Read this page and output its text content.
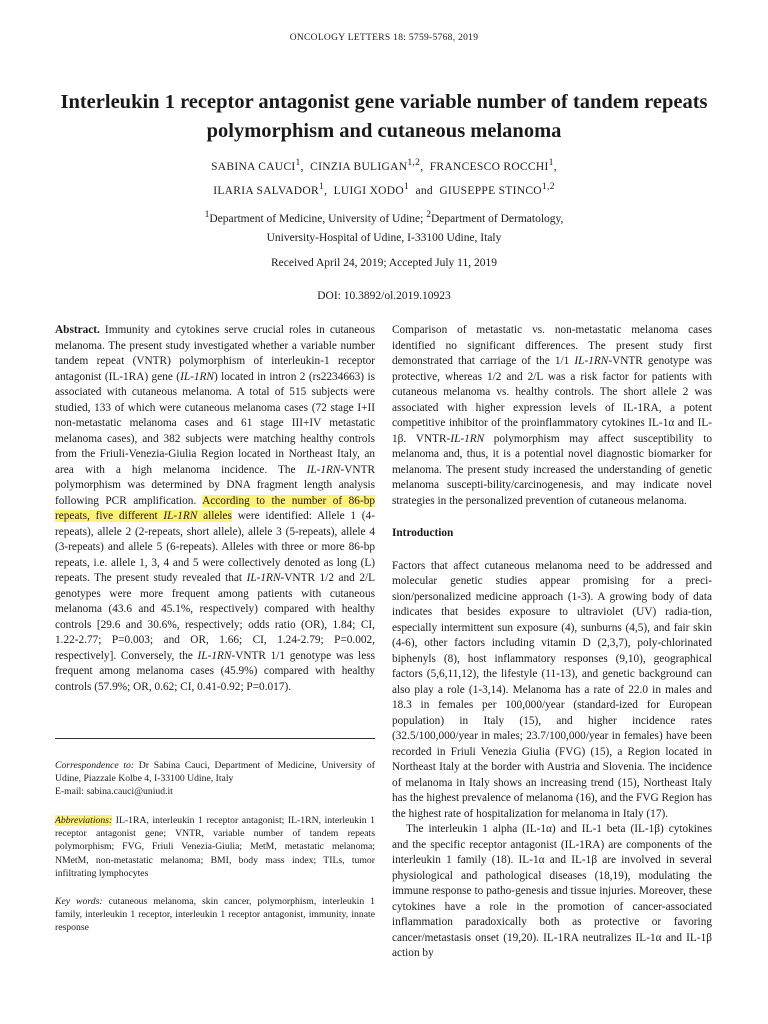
ONCOLOGY LETTERS 18: 5759-5768, 2019
Interleukin 1 receptor antagonist gene variable number of tandem repeats polymorphism and cutaneous melanoma
SABINA CAUCI$^1$,  CINZIA BULIGAN$^{1,2}$,  FRANCESCO ROCCHI$^1$,
ILARIA SALVADOR$^1$,  LUIGI XODO$^1$ and GIUSEPPE STINCO$^{1,2}$
$^1$Department of Medicine, University of Udine; $^2$Department of Dermatology,
University-Hospital of Udine, I-33100 Udine, Italy
Received April 24, 2019; Accepted July 11, 2019
DOI: 10.3892/ol.2019.10923

Abstract. Immunity and cytokines serve crucial roles in cutaneous melanoma. The present study investigated whether a variable number tandem repeat (VNTR) polymorphism of interleukin-1 receptor antagonist (IL-1RA) gene (IL-1RN) located in intron 2 (rs2234663) is associated with cutaneous melanoma. A total of 515 subjects were studied, 133 of which were cutaneous melanoma cases (72 stage I+II non-metastatic melanoma cases and 61 stage III+IV metastatic melanoma cases), and 382 subjects were matching healthy controls from the Friuli-Venezia-Giulia Region located in Northeast Italy, an area with a high melanoma incidence. The IL-1RN-VNTR polymorphism was determined by DNA fragment length analysis following PCR amplification. According to the number of 86-bp repeats, five different IL-1RN alleles were identified: Allele 1 (4-repeats), allele 2 (2-repeats, short allele), allele 3 (5-repeats), allele 4 (3-repeats) and allele 5 (6-repeats). Alleles with three or more 86-bp repeats, i.e. allele 1, 3, 4 and 5 were collectively denoted as long (L) repeats. The present study revealed that IL-1RN-VNTR 1/2 and 2/L genotypes were more frequent among patients with cutaneous melanoma (43.6 and 45.1%, respectively) compared with healthy controls [29.6 and 30.6%, respectively; odds ratio (OR), 1.84; CI, 1.22-2.77; P=0.003; and OR, 1.66; CI, 1.24-2.79; P=0.002, respectively]. Conversely, the IL-1RN-VNTR 1/1 genotype was less frequent among melanoma cases (45.9%) compared with healthy controls (57.9%; OR, 0.62; CI, 0.41-0.92; P=0.017).

Correspondence to: Dr Sabina Cauci, Department of Medicine, University of Udine, Piazzale Kolbe 4, I-33100 Udine, Italy

E-mail: sabina.cauci@uniud.it

Abbreviations: IL-1RA, interleukin 1 receptor antagonist; IL-1RN, interleukin 1 receptor antagonist gene; VNTR, variable number of tandem repeats polymorphism; FVG, Friuli Venezia-Giulia; MetM, metastatic melanoma; NMetM, non-metastatic melanoma; BMI, body mass index; TILs, tumor infiltrating lymphocytes

Key words: cutaneous melanoma, skin cancer, polymorphism, interleukin 1 family, interleukin 1 receptor, interleukin 1 receptor antagonist, immunity, innate response

Comparison of metastatic vs. non-metastatic melanoma cases identified no significant differences. The present study first demonstrated that carriage of the 1/1 IL-1RN-VNTR genotype was protective, whereas 1/2 and 2/L was a risk factor for patients with cutaneous melanoma vs. healthy controls. The short allele 2 was associated with higher expression levels of IL-1RA, a potent competitive inhibitor of the proinflammatory cytokines IL-1α and IL-1β. VNTR-IL-1RN polymorphism may affect susceptibility to melanoma and, thus, it is a potential novel diagnostic biomarker for melanoma. The present study increased the understanding of genetic melanoma suscepti-bility/carcinogenesis, and may indicate novel strategies in the personalized prevention of cutaneous melanoma.

Introduction

Factors that affect cutaneous melanoma need to be addressed and molecular genetic studies appear promising for a preci-sion/personalized medicine approach (1-3). A growing body of data indicates that besides exposure to ultraviolet (UV) radia-tion, especially intermittent sun exposure (4), sunburns (4,5), and fair skin (4-6), other factors including vitamin D (2,3,7), poly-chlorinated biphenyls (8), host inflammatory responses (9,10), geographical factors (5,6,11,12), the lifestyle (11-13), and genetic background can also play a role (1-3,14). Melanoma has a rate of 22.0 in males and 18.3 in females per 100,000/year (standard-ized for European population) in Italy (15), and higher incidence rates (32.5/100,000/year in males; 23.7/100,000/year in females) have been recorded in Friuli Venezia Giulia (FVG) (15), a Region located in Northeast Italy at the border with Austria and Slovenia. The incidence of melanoma in Italy shows an increasing trend (15), Northeast Italy has the highest prevalence of melanoma (16), and the FVG Region has the highest rate of hospitalization for melanoma in Italy (17).

The interleukin 1 alpha (IL-1α) and IL-1 beta (IL-1β) cytokines and the specific receptor antagonist (IL-1RA) are components of the interleukin 1 family (18). IL-1α and IL-1β are involved in several physiological and pathological diseases (18,19), modulating the immune response to patho-genesis and tissue injuries. Moreover, these cytokines have a role in the promotion of cancer-associated inflammation paradoxically both as protective or favoring cancer/metastasis onset (19,20). IL-1RA neutralizes IL-1α and IL-1β action by
